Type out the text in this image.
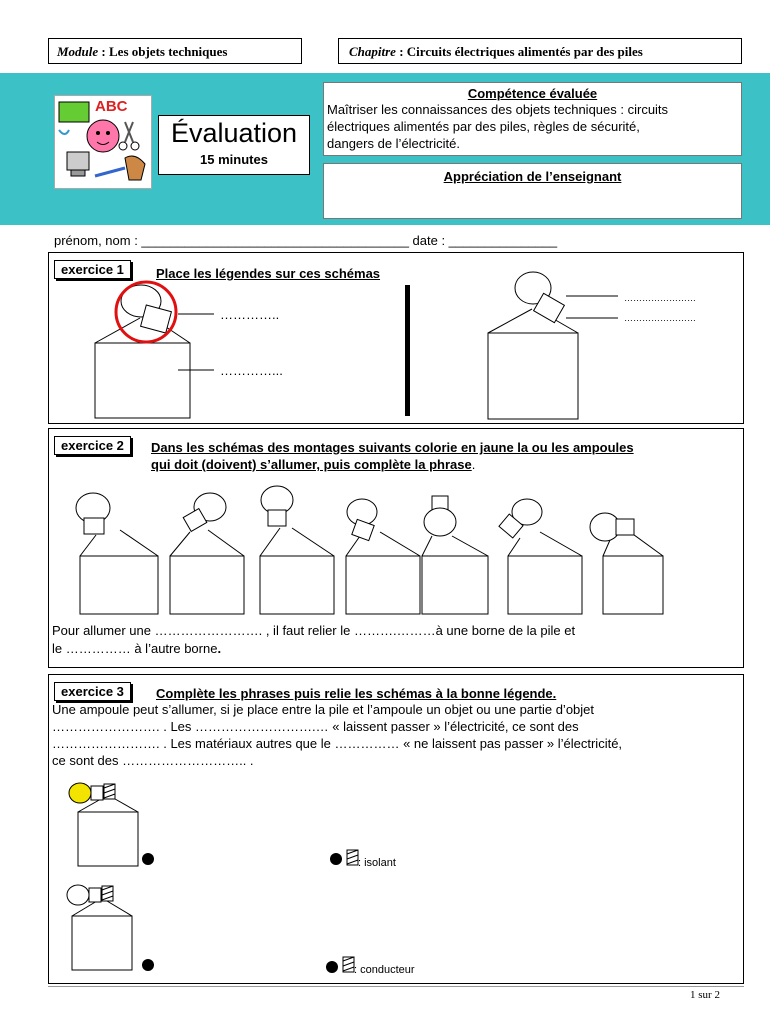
Module : Les objets techniques	Chapitre : Circuits électriques alimentés par des piles
ABC
Évaluation
15 minutes
Compétence évaluée
Maîtriser les connaissances des objets techniques : circuits
électriques alimentés par des piles, règles de sécurité,
dangers de l’électricité.
Appréciation de l’enseignant
prénom, nom : _____________________________________ date : _______________
exercice 1	Place les légendes sur ces schémas
…………..
…………...
……………………
……………………
exercice 2	Dans les schémas des montages suivants colorie en jaune la ou les ampoules
qui doit (doivent) s’allumer, puis complète la phrase.
Pour allumer une ……………………. , il faut relier le ……….………à une borne de la pile et
le …………… à l’autre borne.
exercice 3	Complète les phrases puis relie les schémas à la bonne légende.
Une ampoule peut s’allumer, si je place entre la pile et l’ampoule un objet ou une partie d’objet
……………………. . Les ……………………….… « laissent passer » l’électricité, ce sont des
……………………. . Les matériaux autres que le …………… « ne laissent pas passer » l’électricité,
ce sont des ……………………….. .
: isolant
: conducteur
1 sur 2
